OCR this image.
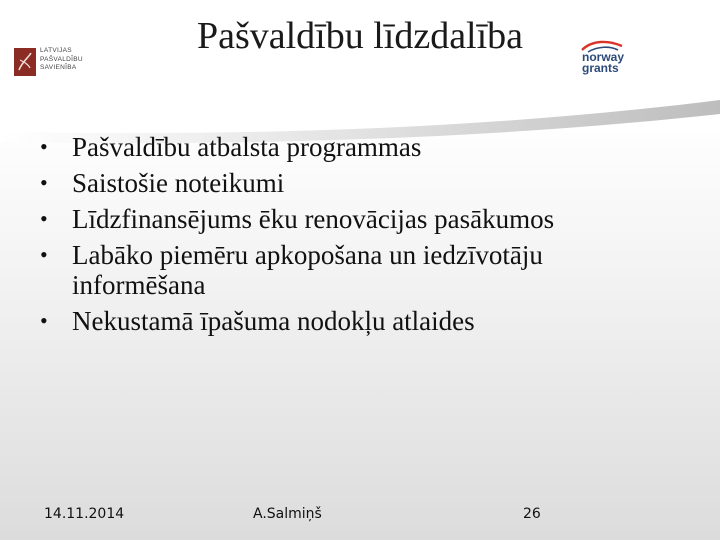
Pašvaldību līdzdalība
LATVIJAS
PAŠVALDĪBU
SAVIENĪBA
norway
grants
• Pašvaldību atbalsta programmas
• Saistošie noteikumi
• Līdzfinansējums ēku renovācijas pasākumos
• Labāko piemēru apkopošana un iedzīvotāju informēšana
• Nekustamā īpašuma nodokļu atlaides
14.11.2014	A.Salmiņš	26
